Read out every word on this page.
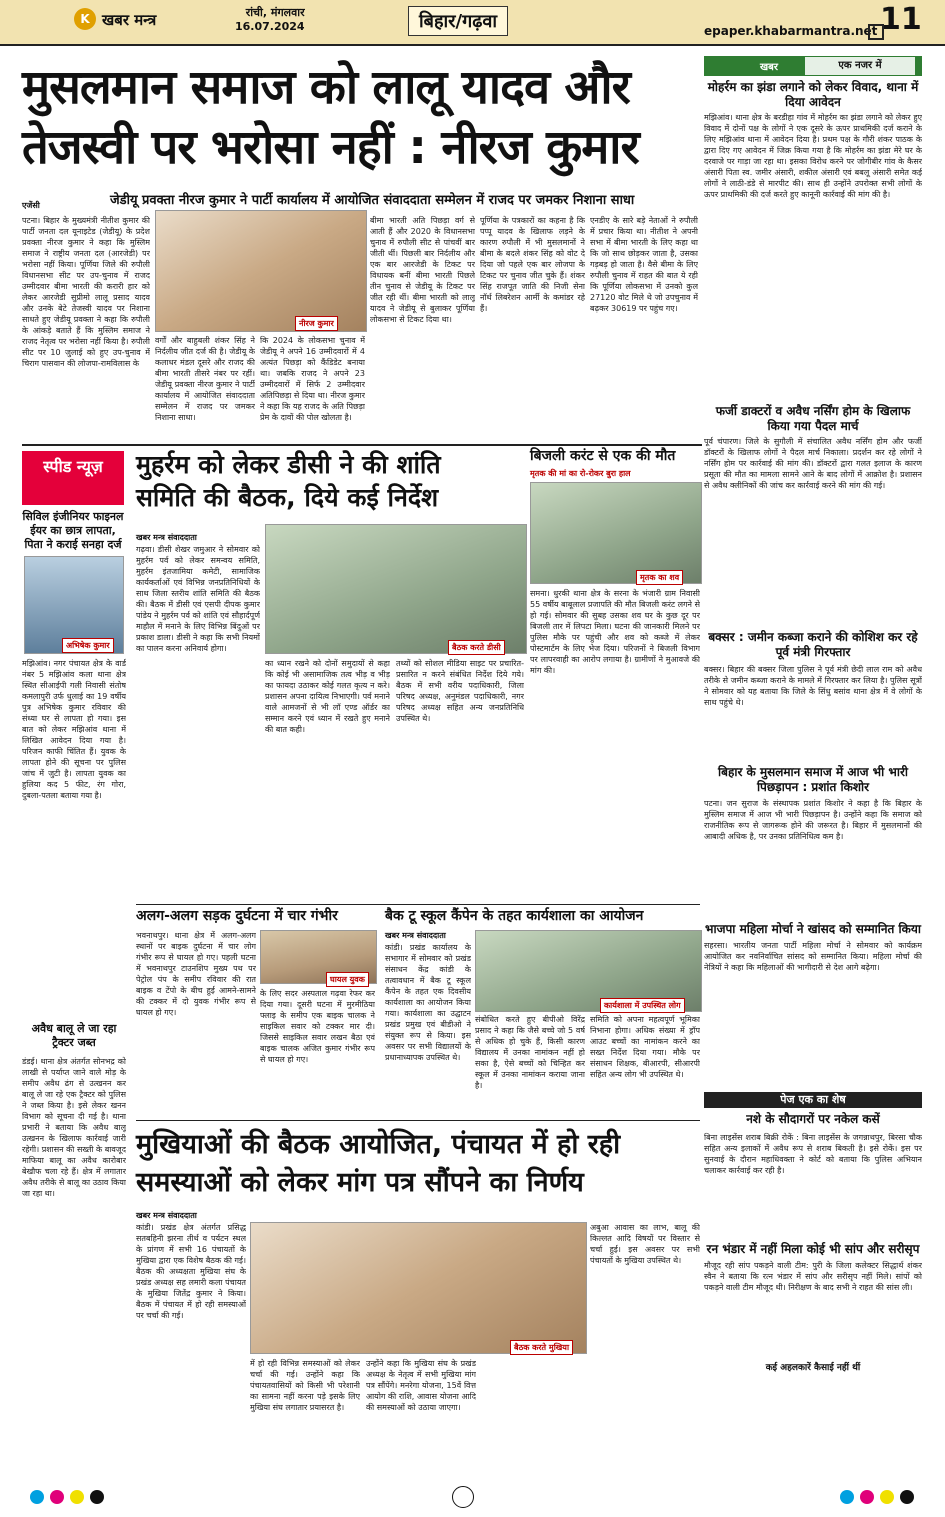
K खबर मन्त्र	रांची, मंगलवार
16.07.2024	बिहार/गढ़वा	11
epaper.khabarmantra.net
मुसलमान समाज को लालू यादव और
तेजस्वी पर भरोसा नहीं : नीरज कुमार
जेडीयू प्रवक्ता नीरज कुमार ने पार्टी कार्यालय में आयोजित संवाददाता सम्मेलन में राजद पर जमकर निशाना साधा
एजेंसी
नीरज कुमार
पटना। बिहार के मुख्यमंत्री नीतीश कुमार की पार्टी जनता दल यूनाइटेड (जेडीयू) के प्रदेश प्रवक्ता नीरज कुमार ने कहा कि मुस्लिम समाज ने राष्ट्रीय जनता दल (आरजेडी) पर भरोसा नहीं किया। पूर्णिया जिले की रुपौली विधानसभा सीट पर उप-चुनाव में राजद उम्मीदवार बीमा भारती की करारी हार को लेकर आरजेडी सुप्रीमो लालू प्रसाद यादव और उनके बेटे तेजस्वी यादव पर निशाना साधते हुए जेडीयू प्रवक्ता ने कहा कि रुपौली के आंकड़े बताते हैं कि मुस्लिम समाज ने राजद नेतृत्व पर भरोसा नहीं किया है। रुपौली सीट पर 10 जुलाई को हुए उप-चुनाव में चिराग पासवान की लोजपा-रामविलास के
वर्गों और बाहुबली शंकर सिंह ने निर्दलीय जीत दर्ज की है। जेडीयू के कलाधर मंडल दूसरे और राजद की बीमा भारती तीसरे नंबर पर रहीं। जेडीयू प्रवक्ता नीरज कुमार ने पार्टी कार्यालय में आयोजित संवाददाता सम्मेलन में राजद पर जमकर निशाना साधा।
कि 2024 के लोकसभा चुनाव में जेडीयू ने अपने 16 उम्मीदवारों में 4 अत्यंत पिछड़ा को कैंडिडेट बनाया था। जबकि राजद ने अपने 23 उम्मीदवारों में सिर्फ 2 उम्मीदवार अतिपिछड़ा से दिया था। नीरज कुमार ने कहा कि यह राजद के अति पिछड़ा प्रेम के दावों की पोल खोलता है।
बीमा भारती अति पिछड़ा वर्ग से आती हैं और 2020 के विधानसभा चुनाव में रुपौली सीट से पांचवीं बार जीती थीं। पिछली बार निर्दलीय और एक बार आरजेडी के टिकट पर विधायक बनीं बीमा भारती पिछले तीन चुनाव से जेडीयू के टिकट पर जीत रही थीं। बीमा भारती को लालू यादव ने जेडीयू से बुलाकर पूर्णिया लोकसभा से टिकट दिया था।
पूर्णिया के पत्रकारों का कहना है कि पप्पू यादव के खिलाफ लड़ने के कारण रुपौली में भी मुसलमानों ने बीमा के बदले शंकर सिंह को वोट दे दिया जो पहले एक बार लोजपा के टिकट पर चुनाव जीत चुके हैं। शंकर सिंह राजपूत जाति की निजी सेना नॉर्थ लिबरेशन आर्मी के कमांडर रहे हैं।
एनडीए के सारे बड़े नेताओं ने रुपौली में प्रचार किया था। नीतीश ने अपनी सभा में बीमा भारती के लिए कहा था कि जो साथ छोड़कर जाता है, उसका गड़बड़ हो जाता है। वैसे बीमा के लिए रुपौली चुनाव में राहत की बात ये रही कि पूर्णिया लोकसभा में उनको कुल 27120 वोट मिले थे जो उपचुनाव में बढ़कर 30619 पर पहुंच गए।
खबर	एक नजर में
मोहर्रम का झंडा लगाने को लेकर विवाद, थाना में दिया आवेदन
मझिआंव। थाना क्षेत्र के बरडीहा गांव में मोहर्रम का झंडा लगाने को लेकर हुए विवाद में दोनों पक्ष के लोगों ने एक दूसरे के ऊपर प्राथमिकी दर्ज कराने के लिए मझिआंव थाना में आवेदन दिया है। प्रथम पक्ष के गौरी शंकर पाठक के द्वारा दिए गए आवेदन में जिक्र किया गया है कि मोहर्रम का झंडा मेरे घर के दरवाजे पर गाड़ा जा रहा था। इसका विरोध करने पर जोगीबीर गांव के कैसर अंसारी पिता स्व. जमीर अंसारी, शकील अंसारी एवं बबलू अंसारी समेत कई लोगों ने लाठी-डंडे से मारपीट की। साथ ही उन्होंने उपरोक्त सभी लोगों के ऊपर प्राथमिकी की दर्ज करते हुए कानूनी कार्रवाई की मांग की है।
फर्जी डाक्टरों व अवैध नर्सिंग होम के खिलाफ किया गया पैदल मार्च
पूर्व चंपारण। जिले के सुगौली में संचालित अवैध नर्सिंग होम और फर्जी डॉक्टरों के खिलाफ लोगों ने पैदल मार्च निकाला। प्रदर्शन कर रहे लोगों ने नर्सिंग होम पर कार्रवाई की मांग की। डॉक्टरों द्वारा गलत इलाज के कारण प्रसूता की मौत का मामला सामने आने के बाद लोगों में आक्रोश है। प्रशासन से अवैध क्लीनिकों की जांच कर कार्रवाई करने की मांग की गई।
बक्सर : जमीन कब्जा कराने की कोशिश कर रहे पूर्व मंत्री गिरफ्तार
बक्सर। बिहार की बक्सर जिला पुलिस ने पूर्व मंत्री छेदी लाल राम को अवैध तरीके से जमीन कब्जा कराने के मामले में गिरफ्तार कर लिया है। पुलिस सूत्रों ने सोमवार को यह बताया कि जिले के सिंधु बसांव थाना क्षेत्र में वे लोगों के साथ पहुंचे थे।
बिहार के मुसलमान समाज में आज भी भारी पिछड़ापन : प्रशांत किशोर
पटना। जन सुराज के संस्थापक प्रशांत किशोर ने कहा है कि बिहार के मुस्लिम समाज में आज भी भारी पिछड़ापन है। उन्होंने कहा कि समाज को राजनीतिक रूप से जागरूक होने की जरूरत है। बिहार में मुसलमानों की आबादी अधिक है, पर उनका प्रतिनिधित्व कम है।
भाजपा महिला मोर्चा ने खांसद को सम्मानित किया
सहरसा। भारतीय जनता पार्टी महिला मोर्चा ने सोमवार को कार्यक्रम आयोजित कर नवनिर्वाचित सांसद को सम्मानित किया। महिला मोर्चा की नेत्रियों ने कहा कि महिलाओं की भागीदारी से देश आगे बढ़ेगा।
पेज एक का शेष
नशे के सौदागरों पर नकेल कसें
बिना लाइसेंस शराब बिक्री रोकें : बिना लाइसेंस के जगन्नाथपुर, बिरसा चौक सहित अन्य इलाकों में अवैध रूप से शराब बिकती है। इसे रोकें। इस पर सुनवाई के दौरान महाधिवक्ता ने कोर्ट को बताया कि पुलिस अभियान चलाकर कार्रवाई कर रही है।
रन भंडार में नहीं मिला कोई भी सांप और सरीसृप
मौजूद रही सांप पकड़ने वाली टीम: पुरी के जिला कलेक्टर सिद्धार्थ शंकर स्वैन ने बताया कि रत्न भंडार में सांप और सरीसृप नहीं मिले। सांपों को पकड़ने वाली टीम मौजूद थी। निरीक्षण के बाद सभी ने राहत की सांस ली।
कई अहलकारें कैसाई नहीं थीं
स्पीड न्यूज़
सिविल इंजीनियर फाइनल ईयर का छात्र लापता, पिता ने कराई सनहा दर्ज
अभिषेक कुमार
मझिआंव। नगर पंचायत क्षेत्र के वार्ड नंबर 5 मझिआंव कला थाना क्षेत्र स्थित सीआईपी गली निवासी संतोष कमलापुरी उर्फ धुलाई का 19 वर्षीय पुत्र अभिषेक कुमार रविवार की संध्या घर से लापता हो गया। इस बात को लेकर मझिआंव थाना में लिखित आवेदन दिया गया है। परिजन काफी चिंतित हैं। युवक के लापता होने की सूचना पर पुलिस जांच में जुटी है। लापता युवक का हुलिया कद 5 फीट, रंग गोरा, दुबला-पतला बताया गया है।
अवैध बालू ले जा रहा ट्रैक्टर जब्त
डंडई। थाना क्षेत्र अंतर्गत सोनभद्र को लाखी से पर्याप्त जाने वाले मोड़ के समीप अवैध ढंग से उत्खनन कर बालू ले जा रहे एक ट्रैक्टर को पुलिस ने जब्त किया है। इसे लेकर खनन विभाग को सूचना दी गई है। थाना प्रभारी ने बताया कि अवैध बालू उत्खनन के खिलाफ कार्रवाई जारी रहेगी। प्रशासन की सख्ती के बावजूद माफिया बालू का अवैध कारोबार बेखौफ चला रहे हैं। क्षेत्र में लगातार अवैध तरीके से बालू का उठाव किया जा रहा था।
मुहर्रम को लेकर डीसी ने की शांति
समिति की बैठक, दिये कई निर्देश
खबर मन्त्र संवाददाता
बैठक करते डीसी
गढ़वा। डीसी शेखर जमुआर ने सोमवार को मुहर्रम पर्व को लेकर समन्वय समिति, मुहर्रम इंतजामिया कमेटी, सामाजिक कार्यकर्ताओं एवं विभिन्न जनप्रतिनिधियों के साथ जिला स्तरीय शांति समिति की बैठक की। बैठक में डीसी एवं एसपी दीपक कुमार पांडेय ने मुहर्रम पर्व को शांति एवं सौहार्दपूर्ण माहौल में मनाने के लिए विभिन्न बिंदुओं पर प्रकाश डाला। डीसी ने कहा कि सभी नियमों का पालन करना अनिवार्य होगा।
का ध्यान रखने को दोनों समुदायों से कहा कि कोई भी असामाजिक तत्व भीड़ व भीड़ का फायदा उठाकर कोई गलत कृत्य न करे। प्रशासन अपना दायित्व निभाएगी। पर्व मनाने वाले आमजनों से भी लॉ एण्ड ऑर्डर का सम्मान करने एवं ध्यान में रखते हुए मनाने की बात कही।
तथ्यों को सोशल मीडिया साइट पर प्रचारित-प्रसारित न करने संबंधित निर्देश दिये गये। बैठक में सभी वरीय पदाधिकारी, जिला परिषद अध्यक्ष, अनुमंडल पदाधिकारी, नगर परिषद अध्यक्ष सहित अन्य जनप्रतिनिधि उपस्थित थे।
बिजली करंट से एक की मौत
मृतक की मां का रो-रोकर बुरा हाल
मृतक का शव
समना। धुरकी थाना क्षेत्र के सरना के भंजारी ग्राम निवासी 55 वर्षीय बाबूलाल प्रजापति की मौत बिजली करंट लगने से हो गई। सोमवार की सुबह उसका शव घर के कुछ दूर पर बिजली तार में लिपटा मिला। घटना की जानकारी मिलने पर पुलिस मौके पर पहुंची और शव को कब्जे में लेकर पोस्टमार्टम के लिए भेज दिया। परिजनों ने बिजली विभाग पर लापरवाही का आरोप लगाया है। ग्रामीणों ने मुआवजे की मांग की।
अलग-अलग सड़क दुर्घटना में चार गंभीर
घायल युवक
भवनाथपुर। थाना क्षेत्र में अलग-अलग स्थानों पर बाइक दुर्घटना में चार लोग गंभीर रूप से घायल हो गए। पहली घटना में भवनाथपुर टाउनशिप मुख्य पथ पर पेट्रोल पंप के समीप रविवार की रात बाइक व टेंपो के बीच हुई आमने-सामने की टक्कर में दो युवक गंभीर रूप से घायल हो गए।
के लिए सदर अस्पताल गढ़वा रेफर कर दिया गया। दूसरी घटना में मुरमीठिया फ्लाइ के समीप एक बाइक चालक ने साइकिल सवार को टक्कर मार दी। जिससे साइकिल सवार लखन बैठा एवं बाइक चालक अजित कुमार गंभीर रूप से घायल हो गए।
बैक टू स्कूल कैंपेन के तहत कार्यशाला का आयोजन
खबर मन्त्र संवाददाता
कार्यशाला में उपस्थित लोग
कांडी। प्रखंड कार्यालय के सभागार में सोमवार को प्रखंड संसाधन केंद्र कांडी के तत्वावधान में बैक टू स्कूल कैंपेन के तहत एक दिवसीय कार्यशाला का आयोजन किया गया। कार्यशाला का उद्घाटन प्रखंड प्रमुख एवं बीडीओ ने संयुक्त रूप से किया। इस अवसर पर सभी विद्यालयों के प्रधानाध्यापक उपस्थित थे।
संबोधित करते हुए बीपीओ विरेंद्र प्रसाद ने कहा कि जैसे बच्चे जो 5 वर्ष से अधिक हो चुके हैं, किसी कारण विद्यालय में उनका नामांकन नहीं हो सका है, ऐसे बच्चों को चिन्हित कर स्कूल में उनका नामांकन कराया जाना है।
समिति को अपना महत्वपूर्ण भूमिका निभाना होगा। अधिक संख्या में ड्रॉप आउट बच्चों का नामांकन करने का सख्त निर्देश दिया गया। मौके पर संसाधन शिक्षक, बीआरपी, सीआरपी सहित अन्य लोग भी उपस्थित थे।
मुखियाओं की बैठक आयोजित, पंचायत में हो रही
समस्याओं को लेकर मांग पत्र सौंपने का निर्णय
खबर मन्त्र संवाददाता
बैठक करते मुखिया
कांडी। प्रखंड क्षेत्र अंतर्गत प्रसिद्ध सतबहिनी झरना तीर्थ व पर्यटन स्थल के प्रांगण में सभी 16 पंचायतों के मुखिया द्वारा एक विशेष बैठक की गई। बैठक की अध्यक्षता मुखिया संघ के प्रखंड अध्यक्ष सह लमारी कला पंचायत के मुखिया जितेंद्र कुमार ने किया। बैठक में पंचायत में हो रही समस्याओं पर चर्चा की गई।
में हो रही विभिन्न समस्याओं को लेकर चर्चा की गई। उन्होंने कहा कि पंचायतवासियों को किसी भी परेशानी का सामना नहीं करना पड़े इसके लिए मुखिया संघ लगातार प्रयासरत है।
उन्होंने कहा कि मुखिया संघ के प्रखंड अध्यक्ष के नेतृत्व में सभी मुखिया मांग पत्र सौंपेंगे। मनरेगा योजना, 15वें वित्त आयोग की राशि, आवास योजना आदि की समस्याओं को उठाया जाएगा।
अबुआ आवास का लाभ, बालू की किल्लत आदि विषयों पर विस्तार से चर्चा हुई। इस अवसर पर सभी पंचायतों के मुखिया उपस्थित थे।
